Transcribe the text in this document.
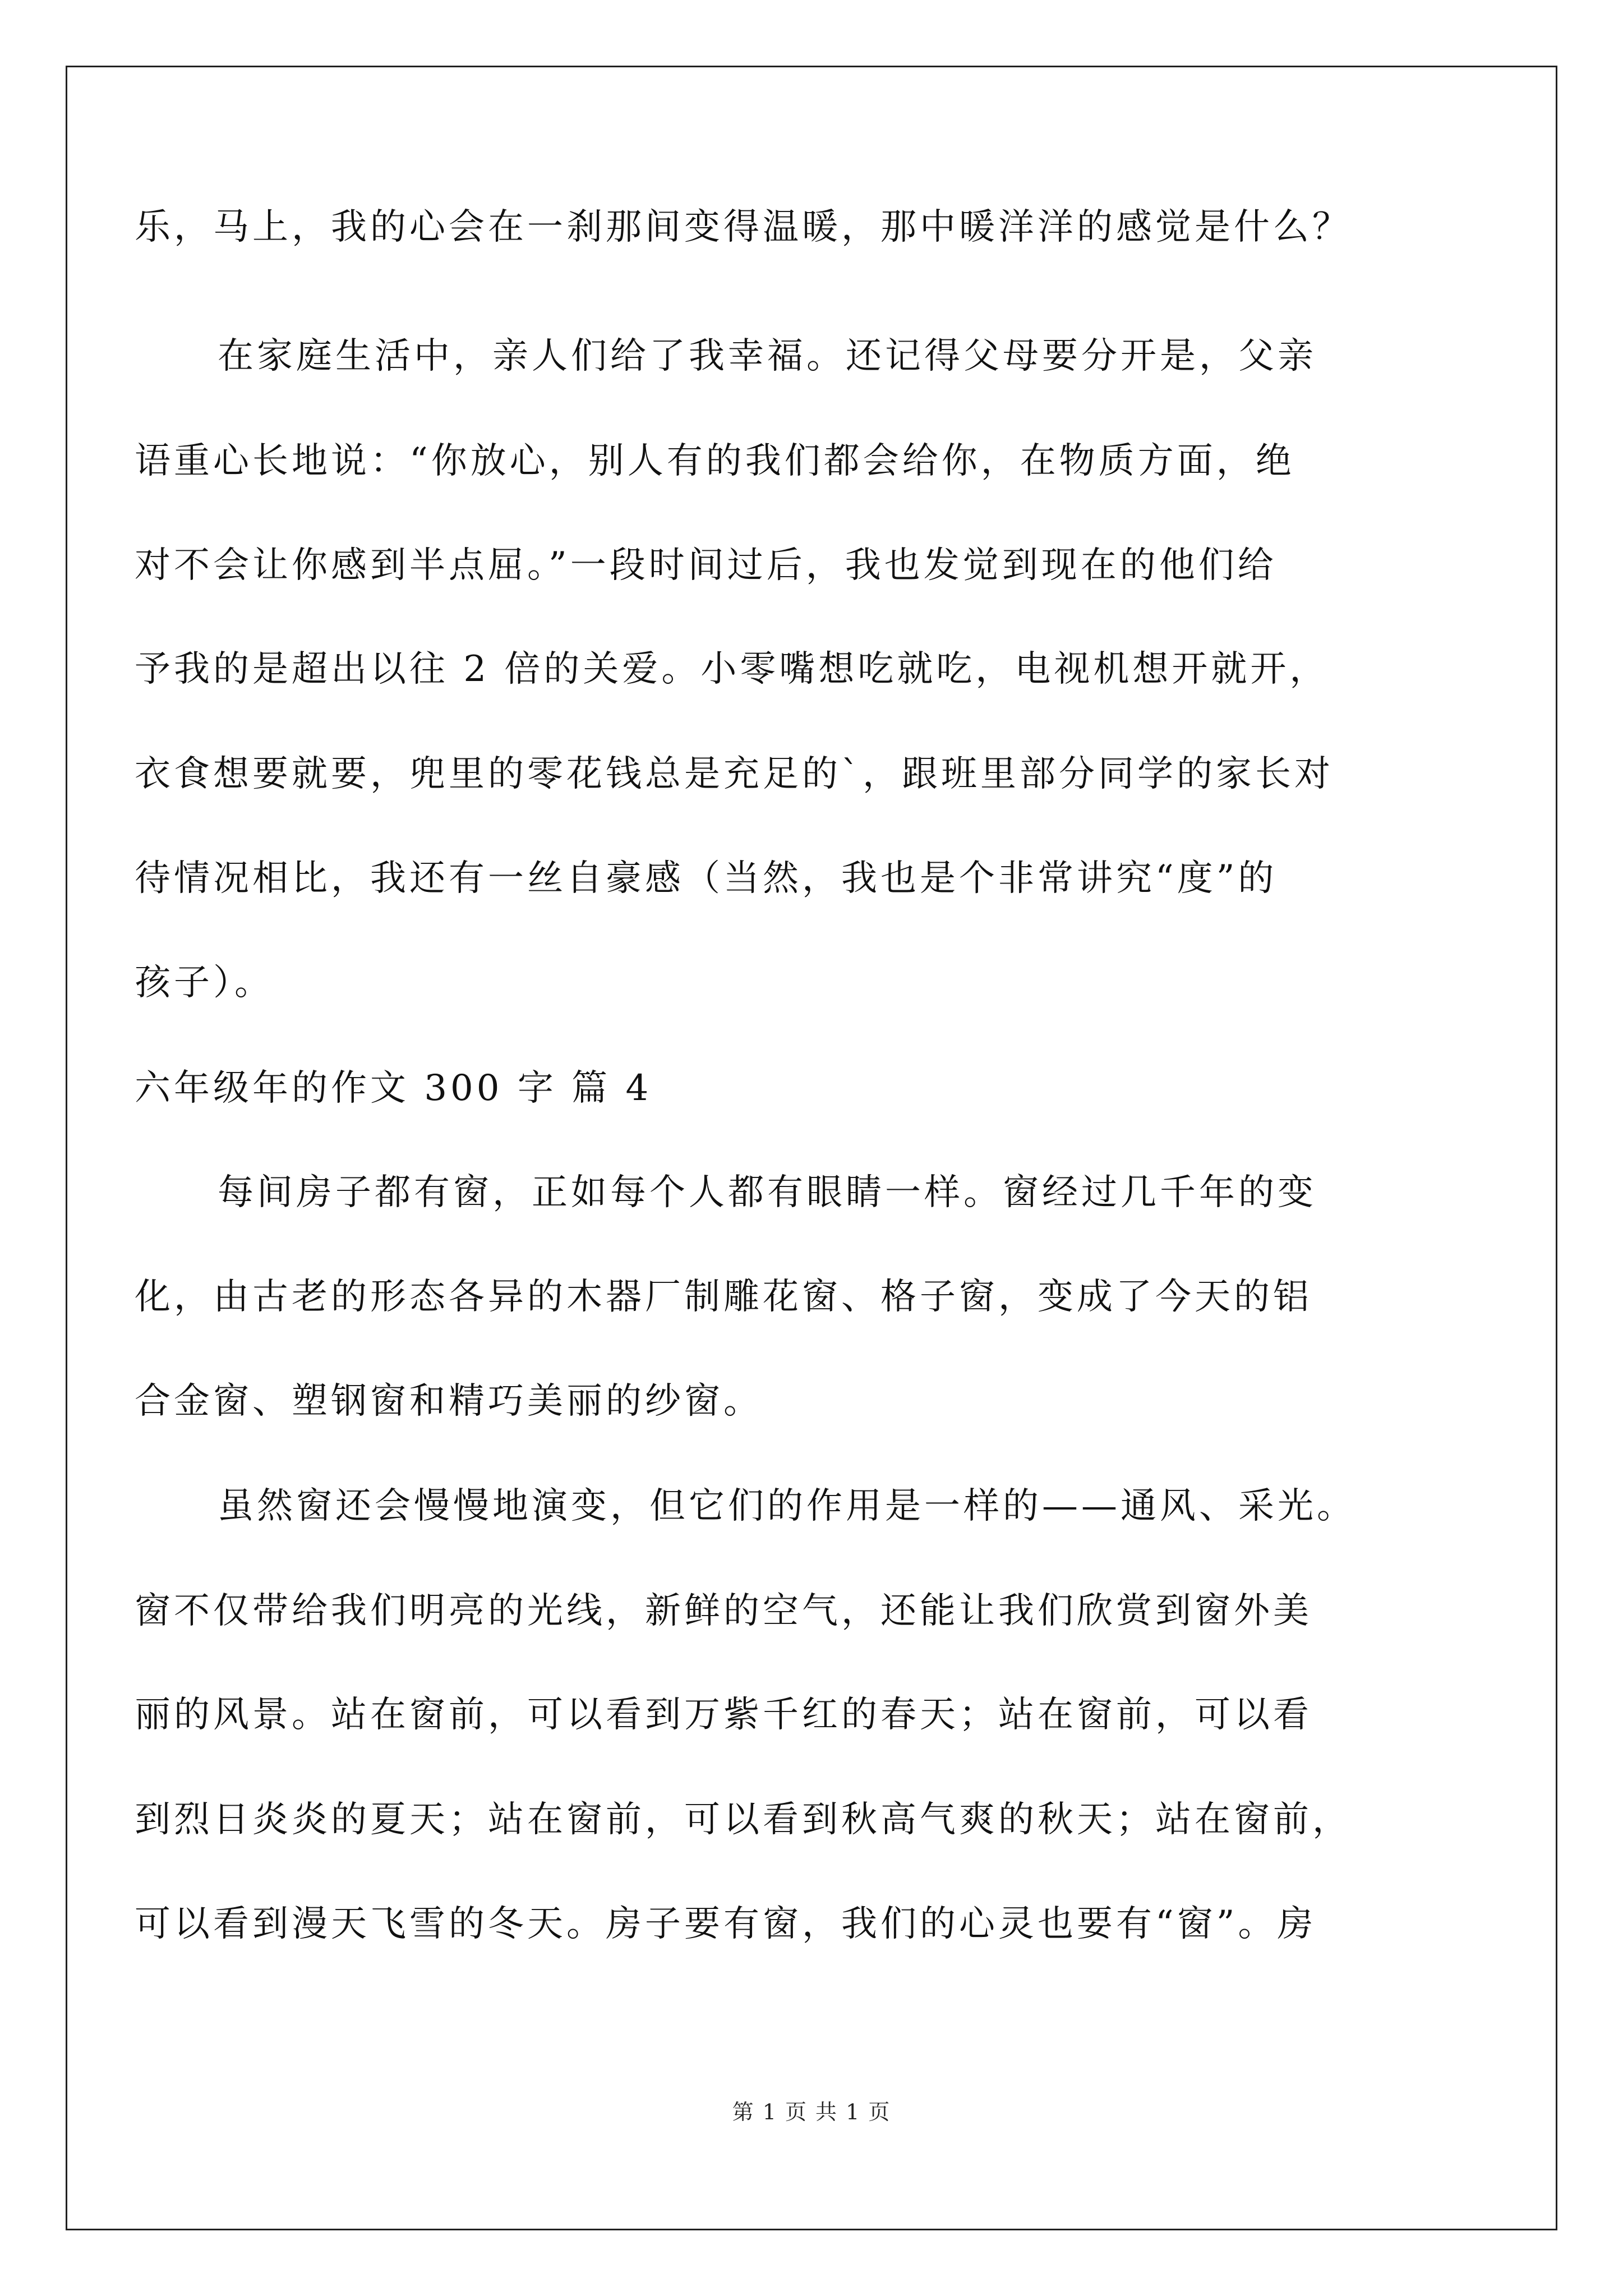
乐，马上，我的心会在一刹那间变得温暖，那中暖洋洋的感觉是什么？
在家庭生活中，亲人们给了我幸福。还记得父母要分开是，父亲
语重心长地说：“你放心，别人有的我们都会给你，在物质方面，绝
对不会让你感到半点屈。”一段时间过后，我也发觉到现在的他们给
予我的是超出以往 2 倍的关爱。小零嘴想吃就吃，电视机想开就开，
衣食想要就要，兜里的零花钱总是充足的`，跟班里部分同学的家长对
待情况相比，我还有一丝自豪感（当然，我也是个非常讲究“度”的
孩子）。
六年级年的作文 300 字 篇 4
每间房子都有窗，正如每个人都有眼睛一样。窗经过几千年的变
化，由古老的形态各异的木器厂制雕花窗、格子窗，变成了今天的铝
合金窗、塑钢窗和精巧美丽的纱窗。
虽然窗还会慢慢地演变，但它们的作用是一样的——通风、采光。
窗不仅带给我们明亮的光线，新鲜的空气，还能让我们欣赏到窗外美
丽的风景。站在窗前，可以看到万紫千红的春天；站在窗前，可以看
到烈日炎炎的夏天；站在窗前，可以看到秋高气爽的秋天；站在窗前，
可以看到漫天飞雪的冬天。房子要有窗，我们的心灵也要有“窗”。房
第 1 页 共 1 页
